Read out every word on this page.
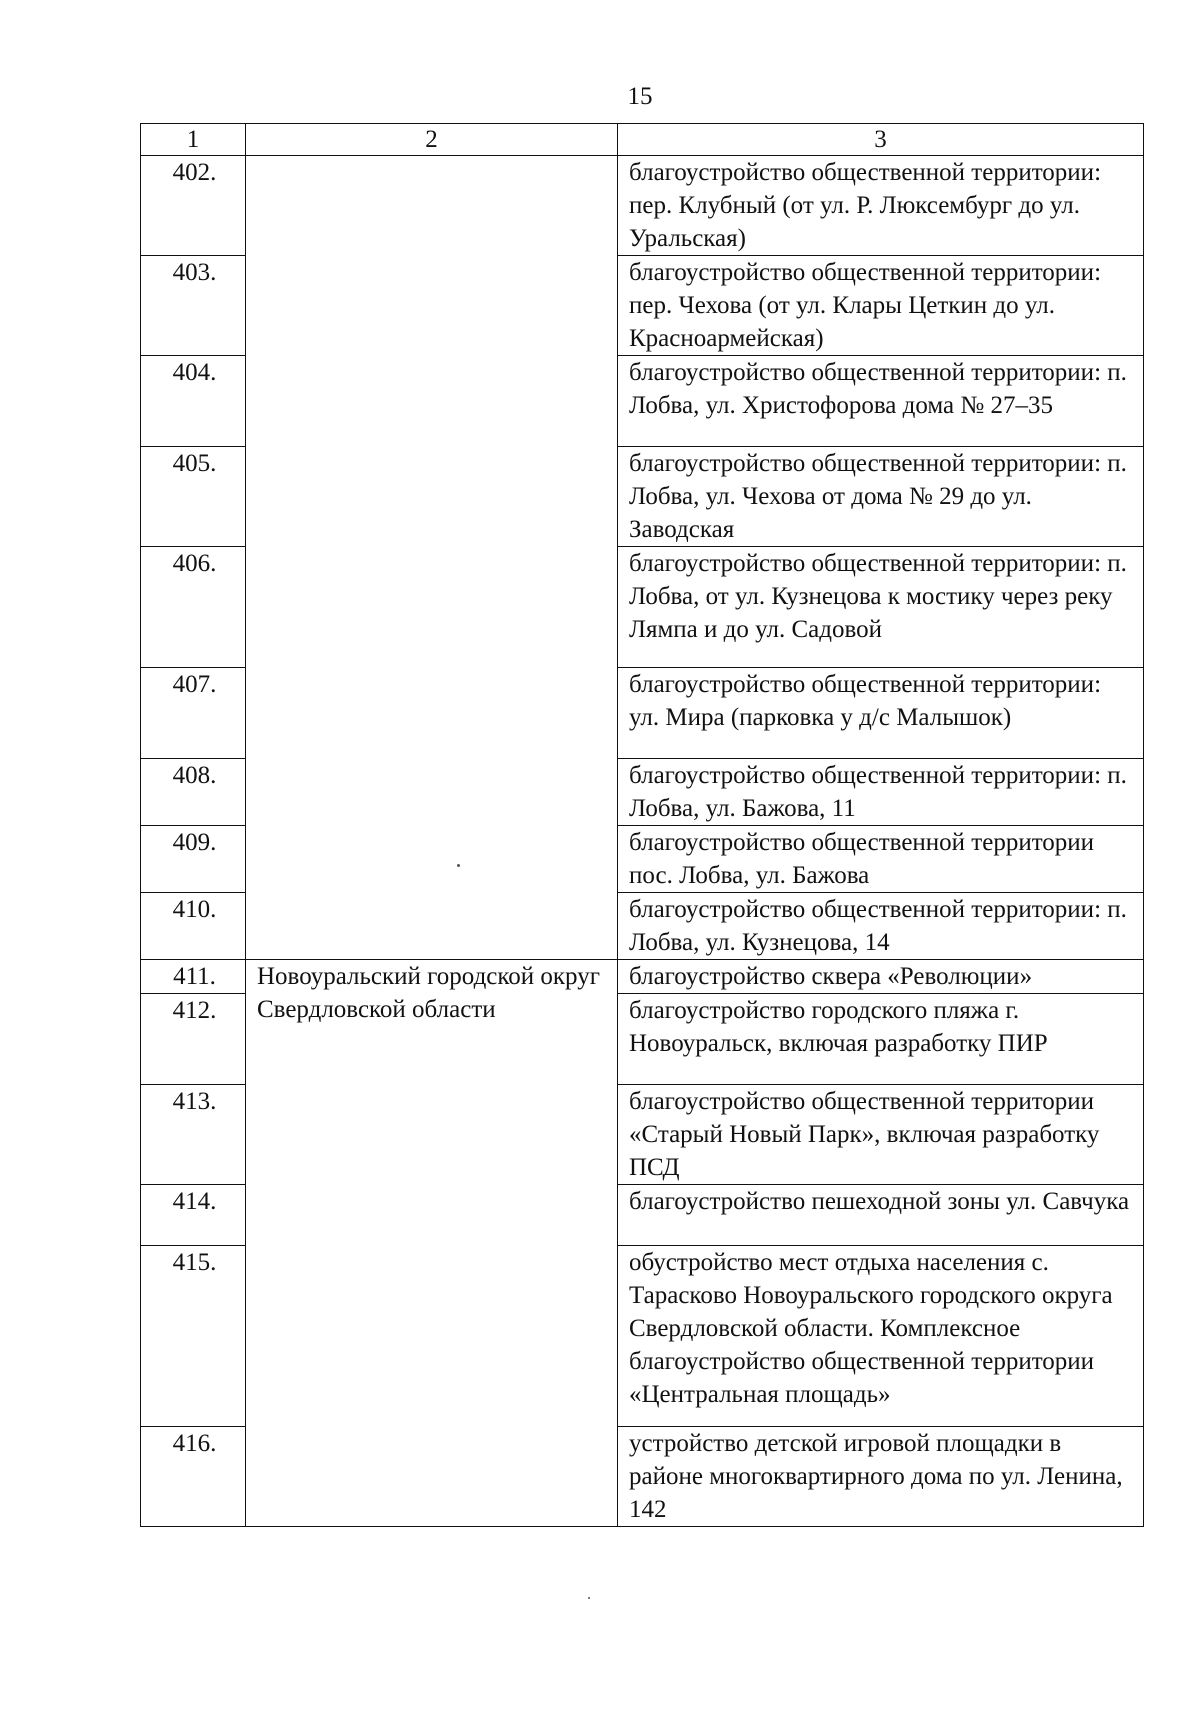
15
1	2	3
402.		благоустройство общественной территории: пер. Клубный (от ул. Р. Люксембург до ул. Уральская)
403.		благоустройство общественной территории: пер. Чехова (от ул. Клары Цеткин до ул. Красноармейская)
404.		благоустройство общественной территории: п. Лобва, ул. Христофорова дома № 27–35
405.		благоустройство общественной территории: п. Лобва, ул. Чехова от дома № 29 до ул. Заводская
406.		благоустройство общественной территории: п. Лобва, от ул. Кузнецова к мостику через реку Лямпа и до ул. Садовой
407.		благоустройство общественной территории: ул. Мира (парковка у д/с Малышок)
408.		благоустройство общественной территории: п. Лобва, ул. Бажова, 11
409.		благоустройство общественной территории пос. Лобва, ул. Бажова
410.		благоустройство общественной территории: п. Лобва, ул. Кузнецова, 14
411.	Новоуральский городской округ Свердловской области	благоустройство сквера «Революции»
412.		благоустройство городского пляжа г. Новоуральск, включая разработку ПИР
413.		благоустройство общественной территории «Старый Новый Парк», включая разработку ПСД
414.		благоустройство пешеходной зоны ул. Савчука
415.		обустройство мест отдыха населения с. Тарасково Новоуральского городского округа Свердловской области. Комплексное благоустройство общественной территории «Центральная площадь»
416.		устройство детской игровой площадки в районе многоквартирного дома по ул. Ленина, 142
